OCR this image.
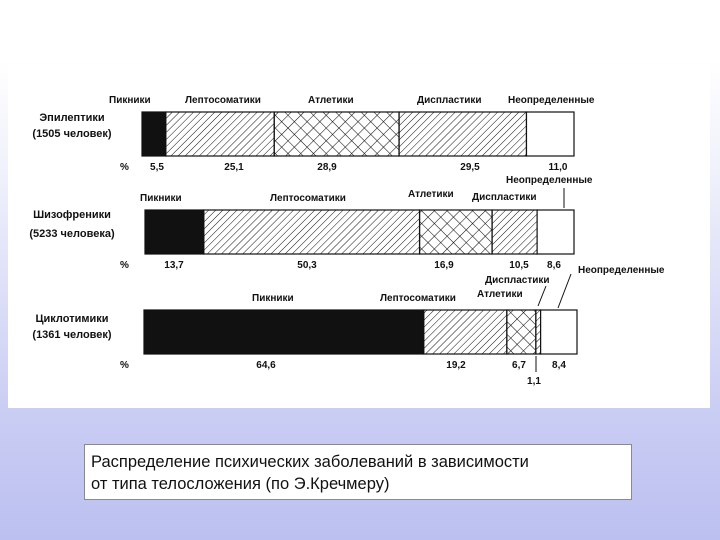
Эпилептики
(1505 человек)
%
Пикники
5,5
Лептосоматики
25,1
Атлетики
28,9
Диспластики
29,5
Неопределенные
11,0
Шизофреники
(5233 человека)
%
Пикники
13,7
Лептосоматики
50,3
Атлетики
16,9
Диспластики
10,5
Неопределенные
8,6
Циклотимики
(1361 человек)
%
Пикники
64,6
Лептосоматики
19,2
Атлетики
6,7
Диспластики
1,1
Неопределенные
8,4
Распределение психических заболеваний в зависимости
от типа телосложения (по Э.Кречмеру)
